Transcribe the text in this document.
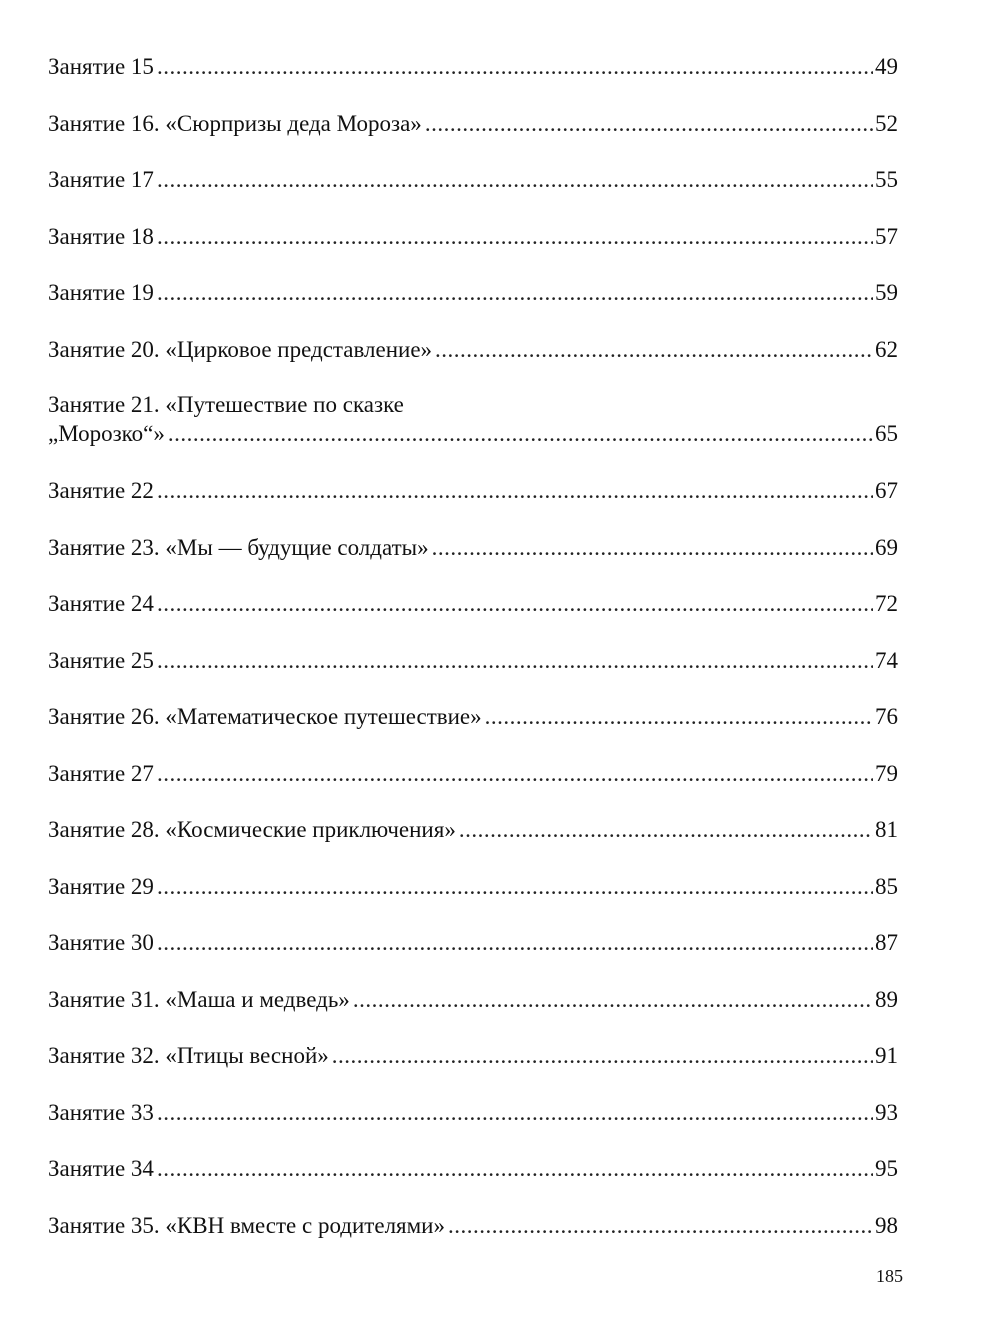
Занятие 15 .....	49
Занятие 16. «Сюрпризы деда Мороза» .....	52
Занятие 17 .....	55
Занятие 18 .....	57
Занятие 19 .....	59
Занятие 20. «Цирковое представление» .....	62
Занятие 21. «Путешествие по сказке
„Морозко“» .....	65
Занятие 22 .....	67
Занятие 23. «Мы — будущие солдаты» .....	69
Занятие 24 .....	72
Занятие 25 .....	74
Занятие 26. «Математическое путешествие» .....	76
Занятие 27 .....	79
Занятие 28. «Космические приключения» .....	81
Занятие 29 .....	85
Занятие 30 .....	87
Занятие 31. «Маша и медведь» .....	89
Занятие 32. «Птицы весной» .....	91
Занятие 33 .....	93
Занятие 34 .....	95
Занятие 35. «КВН вместе с родителями» .....	98
185
